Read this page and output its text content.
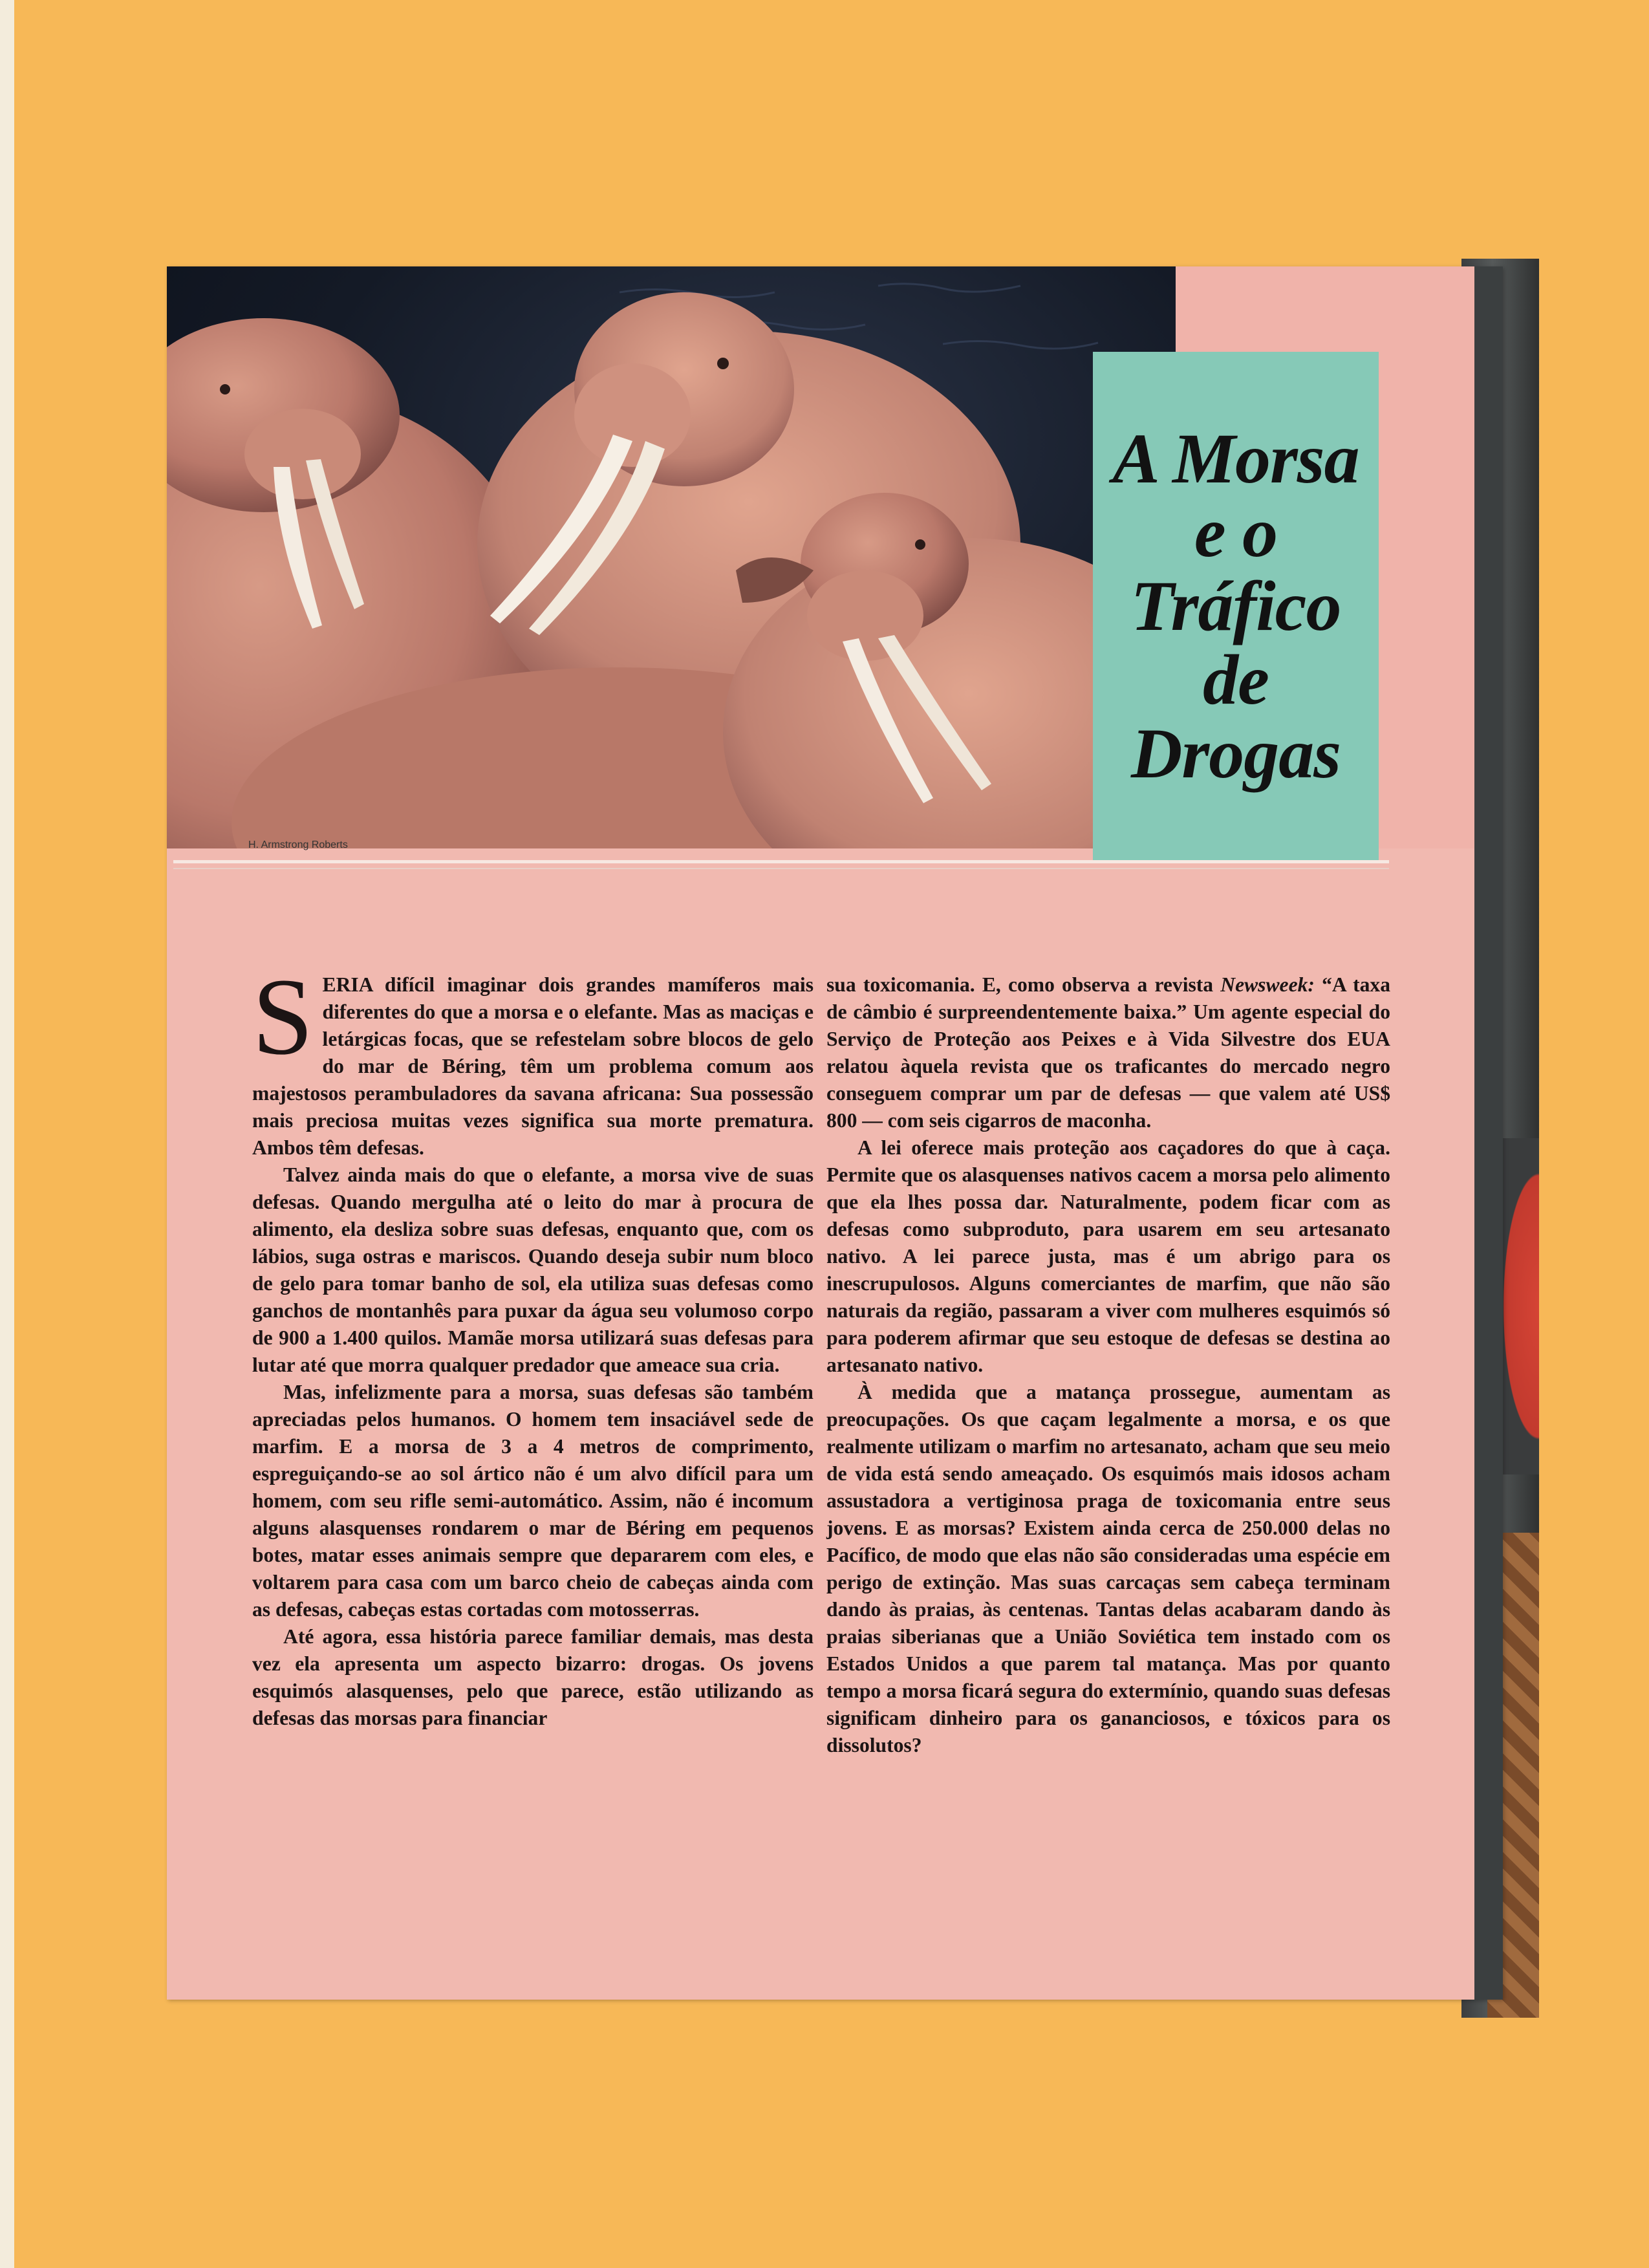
A Morsa
e o
Tráfico
de
Drogas
H. Armstrong Roberts

SERIA difícil imaginar dois grandes mamíferos mais diferentes do que a morsa e o elefante. Mas as maciças e letárgicas focas, que se refestelam sobre blocos de gelo do mar de Béring, têm um problema comum aos majestosos perambuladores da savana africana: Sua possessão mais preciosa muitas vezes significa sua morte prematura. Ambos têm defesas.

Talvez ainda mais do que o elefante, a morsa vive de suas defesas. Quando mergulha até o leito do mar à procura de alimento, ela desliza sobre suas defesas, enquanto que, com os lábios, suga ostras e mariscos. Quando deseja subir num bloco de gelo para tomar banho de sol, ela utiliza suas defesas como ganchos de montanhês para puxar da água seu volumoso corpo de 900 a 1.400 quilos. Mamãe morsa utilizará suas defesas para lutar até que morra qualquer predador que ameace sua cria.

Mas, infelizmente para a morsa, suas defesas são também apreciadas pelos humanos. O homem tem insaciável sede de marfim. E a morsa de 3 a 4 metros de comprimento, espreguiçando-se ao sol ártico não é um alvo difícil para um homem, com seu rifle semi-automático. Assim, não é incomum alguns alasquenses rondarem o mar de Béring em pequenos botes, matar esses animais sempre que depararem com eles, e voltarem para casa com um barco cheio de cabeças ainda com as defesas, cabeças estas cortadas com motosserras.

Até agora, essa história parece familiar demais, mas desta vez ela apresenta um aspecto bizarro: drogas. Os jovens esquimós alasquenses, pelo que parece, estão utilizando as defesas das morsas para financiar

sua toxicomania. E, como observa a revista Newsweek: “A taxa de câmbio é surpreendentemente baixa.” Um agente especial do Serviço de Proteção aos Peixes e à Vida Silvestre dos EUA relatou àquela revista que os traficantes do mercado negro conseguem comprar um par de defesas — que valem até US$ 800 — com seis cigarros de maconha.

A lei oferece mais proteção aos caçadores do que à caça. Permite que os alasquenses nativos cacem a morsa pelo alimento que ela lhes possa dar. Naturalmente, podem ficar com as defesas como subproduto, para usarem em seu artesanato nativo. A lei parece justa, mas é um abrigo para os inescrupulosos. Alguns comerciantes de marfim, que não são naturais da região, passaram a viver com mulheres esquimós só para poderem afirmar que seu estoque de defesas se destina ao artesanato nativo.

À medida que a matança prossegue, aumentam as preocupações. Os que caçam legalmente a morsa, e os que realmente utilizam o marfim no artesanato, acham que seu meio de vida está sendo ameaçado. Os esquimós mais idosos acham assustadora a vertiginosa praga de toxicomania entre seus jovens. E as morsas? Existem ainda cerca de 250.000 delas no Pacífico, de modo que elas não são consideradas uma espécie em perigo de extinção. Mas suas carcaças sem cabeça terminam dando às praias, às centenas. Tantas delas acabaram dando às praias siberianas que a União Soviética tem instado com os Estados Unidos a que parem tal matança. Mas por quanto tempo a morsa ficará segura do extermínio, quando suas defesas significam dinheiro para os gananciosos, e tóxicos para os dissolutos?
